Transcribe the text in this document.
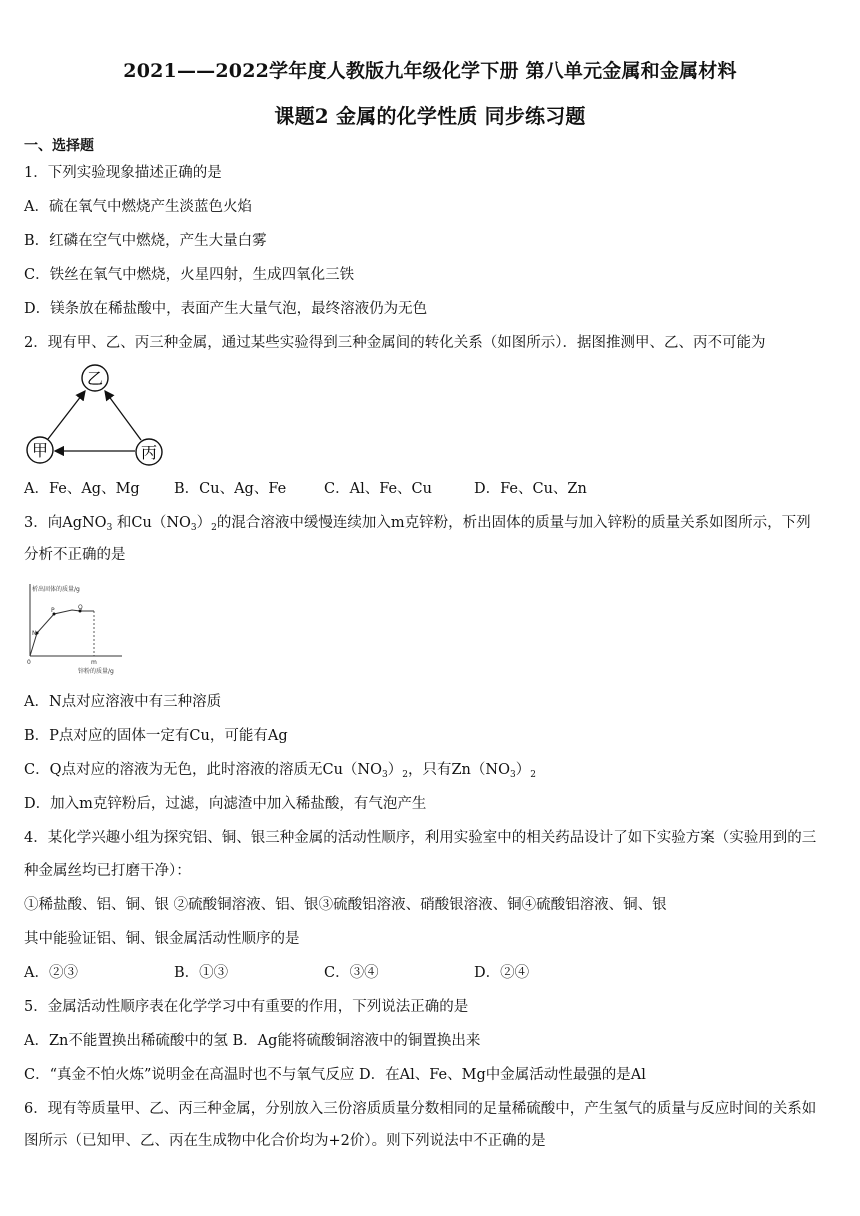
2021——2022学年度人教版九年级化学下册 第八单元金属和金属材料
课题2 金属的化学性质 同步练习题
一、选择题
1．下列实验现象描述正确的是
A．硫在氧气中燃烧产生淡蓝色火焰
B．红磷在空气中燃烧，产生大量白雾
C．铁丝在氧气中燃烧，火星四射，生成四氧化三铁
D．镁条放在稀盐酸中，表面产生大量气泡，最终溶液仍为无色
2．现有甲、乙、丙三种金属，通过某些实验得到三种金属间的转化关系（如图所示）．据图推测甲、乙、丙不可能为
乙
甲	丙
A．Fe、Ag、Mg B．Cu、Ag、Fe	C．Al、Fe、Cu	D．Fe、Cu、Zn
3．向AgNO$_3$ 和$Cu(NO_3)_2$的混合溶液中缓慢连续加入m克锌粉，析出固体的质量与加入锌粉的质量关系如图所示，下列
分析不正确的是
析出固体的质量/g
N
P	Q
0	m
锌粉的质量/g
A．N点对应溶液中有三种溶质
B．P点对应的固体一定有Cu，可能有Ag
C．Q点对应的溶液为无色，此时溶液的溶质无$Cu(NO_3)_2$，只有$Zn(NO_3)_2$
D．加入m克锌粉后，过滤，向滤渣中加入稀盐酸，有气泡产生
4．某化学兴趣小组为探究铝、铜、银三种金属的活动性顺序，利用实验室中的相关药品设计了如下实验方案（实验用到的三
种金属丝均已打磨干净）：
①稀盐酸、铝、铜、银 ②硫酸铜溶液、铝、银③硫酸铝溶液、硝酸银溶液、铜④硫酸铝溶液、铜、银
其中能验证铝、铜、银金属活动性顺序的是
A．②③	B．①③	C．③④	D．②④
5．金属活动性顺序表在化学学习中有重要的作用，下列说法正确的是
A．Zn不能置换出稀硫酸中的氢 B．Ag能将硫酸铜溶液中的铜置换出来
C．“真金不怕火炼”说明金在高温时也不与氧气反应 D．在Al、Fe、Mg中金属活动性最强的是Al
6．现有等质量甲、乙、丙三种金属，分别放入三份溶质质量分数相同的足量稀硫酸中，产生氢气的质量与反应时间的关系如
图所示（已知甲、乙、丙在生成物中化合价均为+2价）。则下列说法中不正确的是
